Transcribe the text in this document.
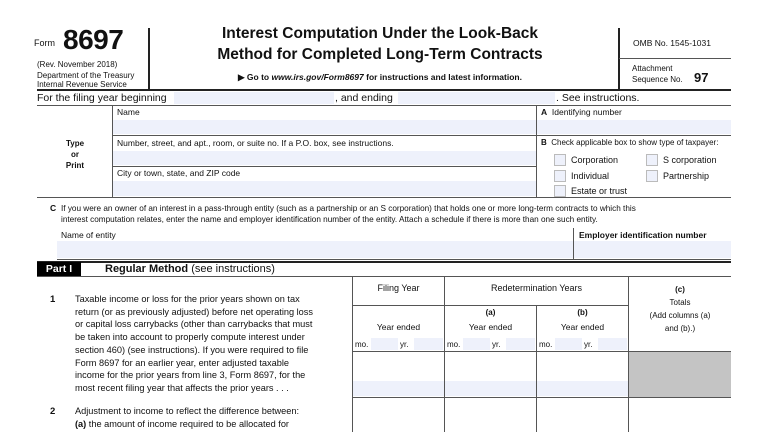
Form 8697
(Rev. November 2018)
Department of the Treasury
Internal Revenue Service
Interest Computation Under the Look-Back
Method for Completed Long-Term Contracts
▶ Go to www.irs.gov/Form8697 for instructions and latest information.
OMB No. 1545-1031
Attachment
Sequence No. 97
For the filing year beginning	, and ending	. See instructions.
Type
or
Print
Name
Number, street, and apt., room, or suite no. If a P.O. box, see instructions.
City or town, state, and ZIP code
A Identifying number
B Check applicable box to show type of taxpayer:
Corporation	S corporation
Individual	Partnership
Estate or trust
C If you were an owner of an interest in a pass-through entity (such as a partnership or an S corporation) that holds one or more long-term contracts to which this
interest computation relates, enter the name and employer identification number of the entity. Attach a schedule if there is more than one such entity.
Name of entity	Employer identification number
Part I	Regular Method (see instructions)
Filing Year	Redetermination Years
(a)	(b)
Year ended	Year ended	Year ended
mo.	yr.	mo.	yr.	mo.	yr.
(c)
Totals
(Add columns (a)
and (b).)
1 Taxable income or loss for the prior years shown on tax
return (or as previously adjusted) before net operating loss
or capital loss carrybacks (other than carrybacks that must
be taken into account to properly compute interest under
section 460) (see instructions). If you were required to file
Form 8697 for an earlier year, enter adjusted taxable
income for the prior years from line 3, Form 8697, for the
most recent filing year that affects the prior years . . .
2 Adjustment to income to reflect the difference between:
(a) the amount of income required to be allocated for
